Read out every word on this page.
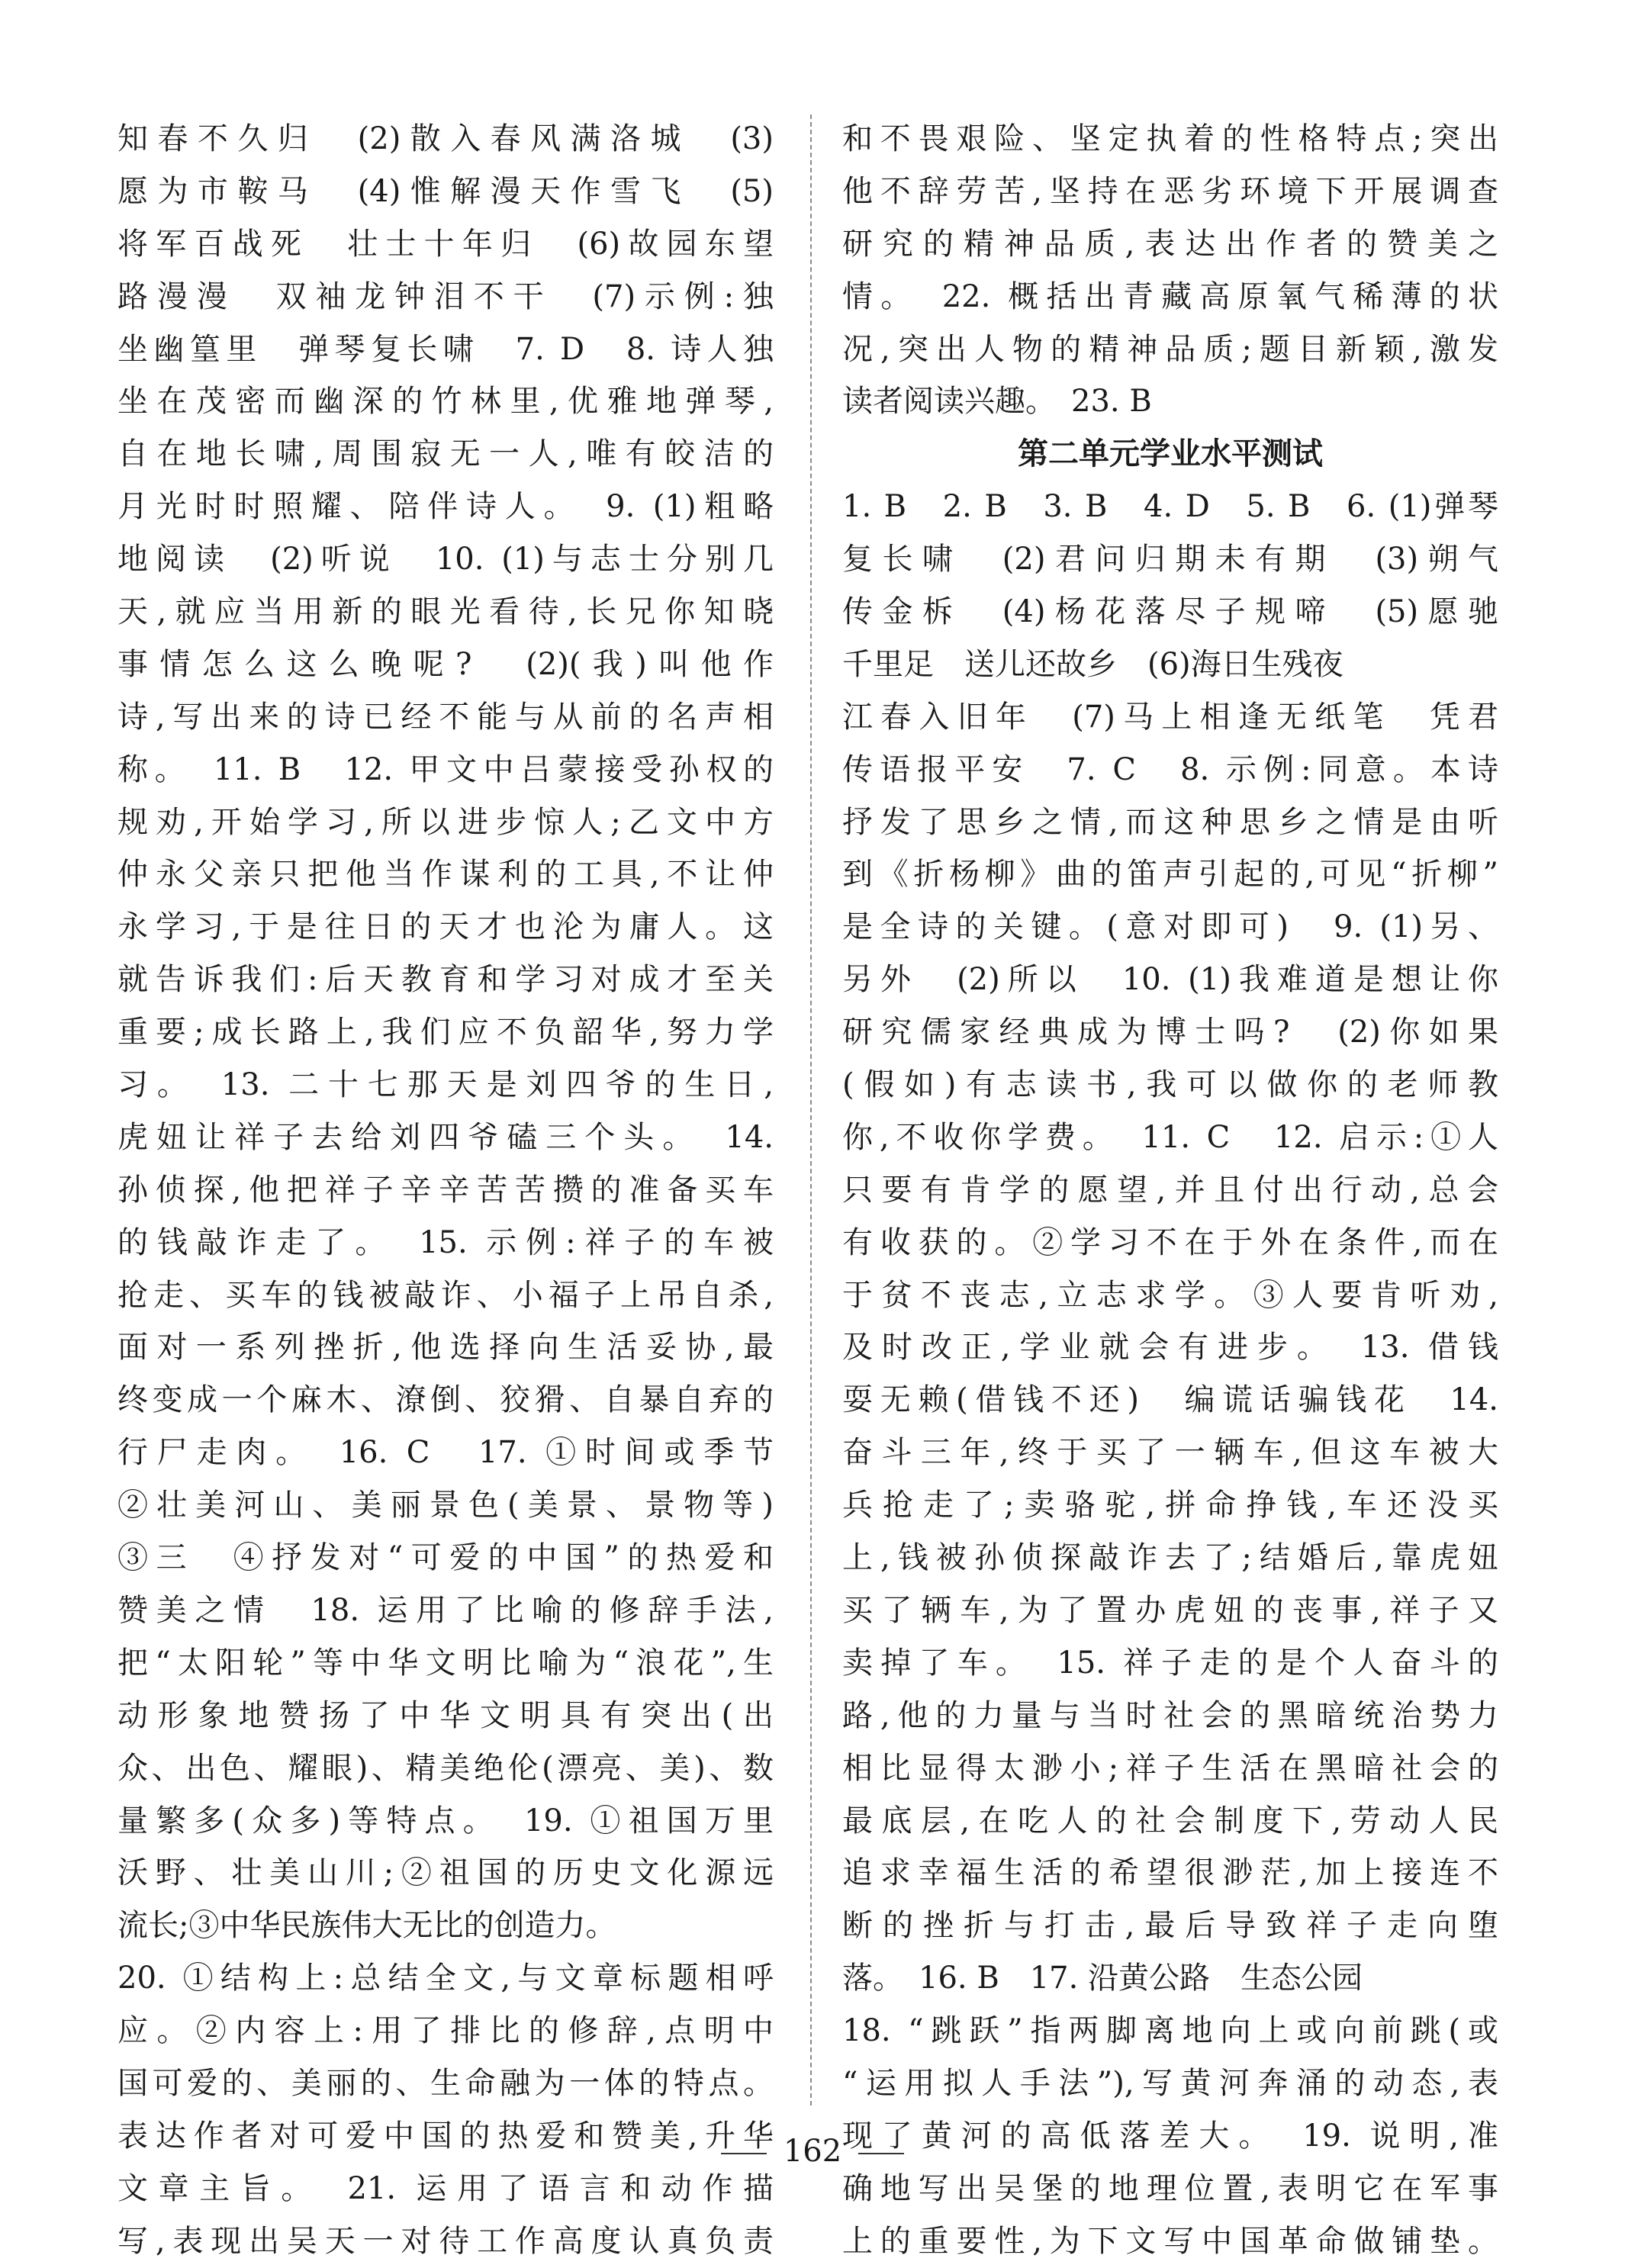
知春不久归　(2)散入春风满洛城　(3)
愿为市鞍马　(4)惟解漫天作雪飞　(5)
将军百战死　壮士十年归　(6)故园东望
路漫漫　双袖龙钟泪不干　(7)示例:独
坐幽篁里　弹琴复长啸　7. D　8. 诗人独
坐在茂密而幽深的竹林里,优雅地弹琴,
自在地长啸,周围寂无一人,唯有皎洁的
月光时时照耀、陪伴诗人。　9. (1)粗略
地阅读　(2)听说　10. (1)与志士分别几
天,就应当用新的眼光看待,长兄你知晓
事情怎么这么晚呢?　(2)(我)叫他作
诗,写出来的诗已经不能与从前的名声相
称。　11. B　12. 甲文中吕蒙接受孙权的
规劝,开始学习,所以进步惊人;乙文中方
仲永父亲只把他当作谋利的工具,不让仲
永学习,于是往日的天才也沦为庸人。这
就告诉我们:后天教育和学习对成才至关
重要;成长路上,我们应不负韶华,努力学
习。　13. 二十七那天是刘四爷的生日,
虎妞让祥子去给刘四爷磕三个头。　14.
孙侦探,他把祥子辛辛苦苦攒的准备买车
的钱敲诈走了。　15. 示例:祥子的车被
抢走、买车的钱被敲诈、小福子上吊自杀,
面对一系列挫折,他选择向生活妥协,最
终变成一个麻木、潦倒、狡猾、自暴自弃的
行尸走肉。　16. C　17. ①时间或季节
②壮美河山、美丽景色(美景、景物等)
③三　④抒发对“可爱的中国”的热爱和
赞美之情　18. 运用了比喻的修辞手法,
把“太阳轮”等中华文明比喻为“浪花”,生
动形象地赞扬了中华文明具有突出(出
众、出色、耀眼)、精美绝伦(漂亮、美)、数
量繁多(众多)等特点。　19. ①祖国万里
沃野、壮美山川;②祖国的历史文化源远
流长;③中华民族伟大无比的创造力。
20. ①结构上:总结全文,与文章标题相呼
应。②内容上:用了排比的修辞,点明中
国可爱的、美丽的、生命融为一体的特点。
表达作者对可爱中国的热爱和赞美,升华
文章主旨。　21. 运用了语言和动作描
写,表现出吴天一对待工作高度认真负责
和不畏艰险、坚定执着的性格特点;突出
他不辞劳苦,坚持在恶劣环境下开展调查
研究的精神品质,表达出作者的赞美之
情。　22. 概括出青藏高原氧气稀薄的状
况,突出人物的精神品质;题目新颖,激发
读者阅读兴趣。　23. B
第二单元学业水平测试
1. B　2. B　3. B　4. D　5. B　6. (1)弹琴
复长啸　(2)君问归期未有期　(3)朔气
传金柝　(4)杨花落尽子规啼　(5)愿驰
千里足　送儿还故乡　(6)海日生残夜
江春入旧年　(7)马上相逢无纸笔　凭君
传语报平安　7. C　8. 示例:同意。本诗
抒发了思乡之情,而这种思乡之情是由听
到《折杨柳》曲的笛声引起的,可见“折柳”
是全诗的关键。(意对即可)　9. (1)另、
另外　(2)所以　10. (1)我难道是想让你
研究儒家经典成为博士吗?　(2)你如果
(假如)有志读书,我可以做你的老师教
你,不收你学费。　11. C　12. 启示:①人
只要有肯学的愿望,并且付出行动,总会
有收获的。②学习不在于外在条件,而在
于贫不丧志,立志求学。③人要肯听劝,
及时改正,学业就会有进步。　13. 借钱
耍无赖(借钱不还)　编谎话骗钱花　14.
奋斗三年,终于买了一辆车,但这车被大
兵抢走了;卖骆驼,拼命挣钱,车还没买
上,钱被孙侦探敲诈去了;结婚后,靠虎妞
买了辆车,为了置办虎妞的丧事,祥子又
卖掉了车。　15. 祥子走的是个人奋斗的
路,他的力量与当时社会的黑暗统治势力
相比显得太渺小;祥子生活在黑暗社会的
最底层,在吃人的社会制度下,劳动人民
追求幸福生活的希望很渺茫,加上接连不
断的挫折与打击,最后导致祥子走向堕
落。　16. B　17. 沿黄公路　生态公园
18. “跳跃”指两脚离地向上或向前跳(或
“运用拟人手法”),写黄河奔涌的动态,表
现了黄河的高低落差大。　19. 说明,准
确地写出吴堡的地理位置,表明它在军事
上的重要性,为下文写中国革命做铺垫。
162
